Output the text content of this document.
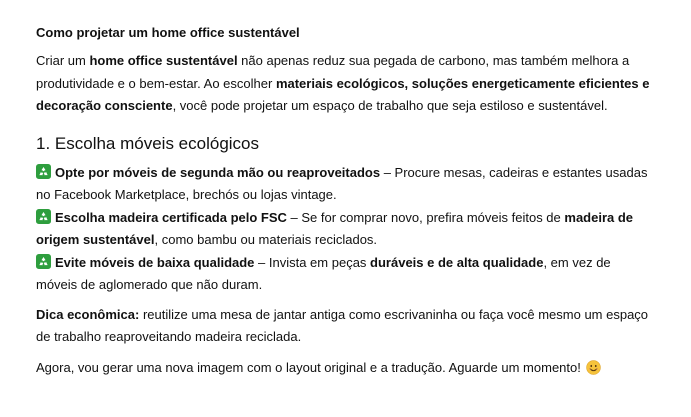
Como projetar um home office sustentável

Criar um home office sustentável não apenas reduz sua pegada de carbono, mas também melhora a produtividade e o bem-estar. Ao escolher materiais ecológicos, soluções energeticamente eficientes e decoração consciente, você pode projetar um espaço de trabalho que seja estiloso e sustentável.

1. Escolha móveis ecológicos
Opte por móveis de segunda mão ou reaproveitados – Procure mesas, cadeiras e estantes usadas no Facebook Marketplace, brechós ou lojas vintage.
Escolha madeira certificada pelo FSC – Se for comprar novo, prefira móveis feitos de madeira de origem sustentável, como bambu ou materiais reciclados.
Evite móveis de baixa qualidade – Invista em peças duráveis e de alta qualidade, em vez de móveis de aglomerado que não duram.

Dica econômica: reutilize uma mesa de jantar antiga como escrivaninha ou faça você mesmo um espaço de trabalho reaproveitando madeira reciclada.

Agora, vou gerar uma nova imagem com o layout original e a tradução. Aguarde um momento!
